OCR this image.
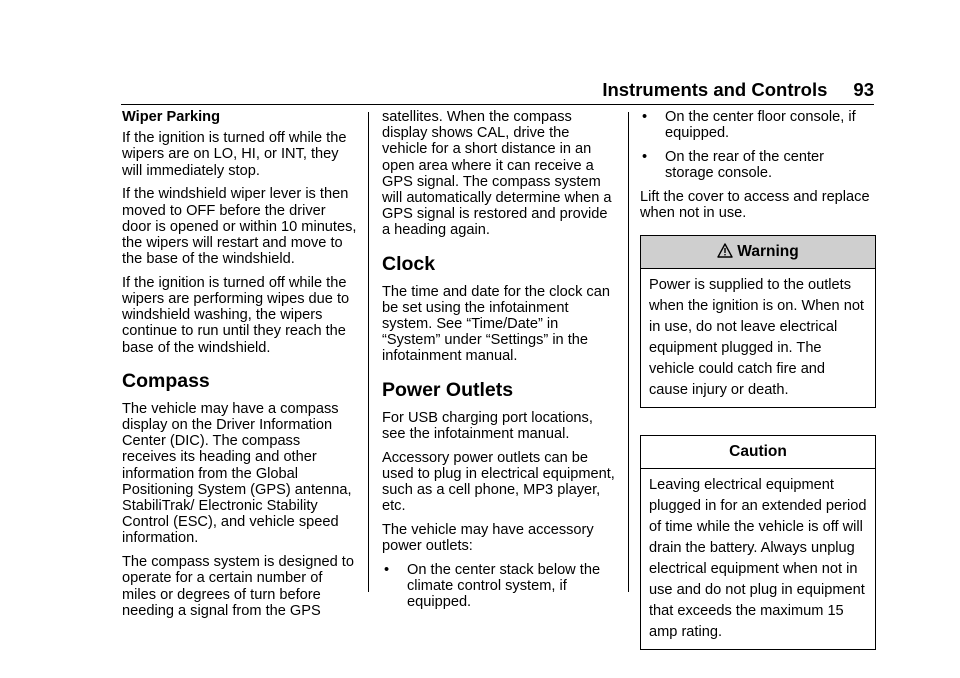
Instruments and Controls 93

Wiper Parking

If the ignition is turned off while the wipers are on LO, HI, or INT, they will immediately stop.

If the windshield wiper lever is then moved to OFF before the driver door is opened or within 10 minutes, the wipers will restart and move to the base of the windshield.

If the ignition is turned off while the wipers are performing wipes due to windshield washing, the wipers continue to run until they reach the base of the windshield.

Compass

The vehicle may have a compass display on the Driver Information Center (DIC). The compass receives its heading and other information from the Global Positioning System (GPS) antenna, StabiliTrak/ Electronic Stability Control (ESC), and vehicle speed information.

The compass system is designed to operate for a certain number of miles or degrees of turn before needing a signal from the GPS

satellites. When the compass display shows CAL, drive the vehicle for a short distance in an open area where it can receive a GPS signal. The compass system will automatically determine when a GPS signal is restored and provide a heading again.

Clock

The time and date for the clock can be set using the infotainment system. See “Time/Date” in “System” under “Settings” in the infotainment manual.

Power Outlets

For USB charging port locations, see the infotainment manual.

Accessory power outlets can be used to plug in electrical equipment, such as a cell phone, MP3 player, etc.

The vehicle may have accessory power outlets:

•	On the center stack below the climate control system, if equipped.
•	On the center floor console, if equipped.
•	On the rear of the center storage console.

Lift the cover to access and replace when not in use.

Warning
Power is supplied to the outlets when the ignition is on. When not in use, do not leave electrical equipment plugged in. The vehicle could catch fire and cause injury or death.
Caution
Leaving electrical equipment plugged in for an extended period of time while the vehicle is off will drain the battery. Always unplug electrical equipment when not in use and do not plug in equipment that exceeds the maximum 15 amp rating.
